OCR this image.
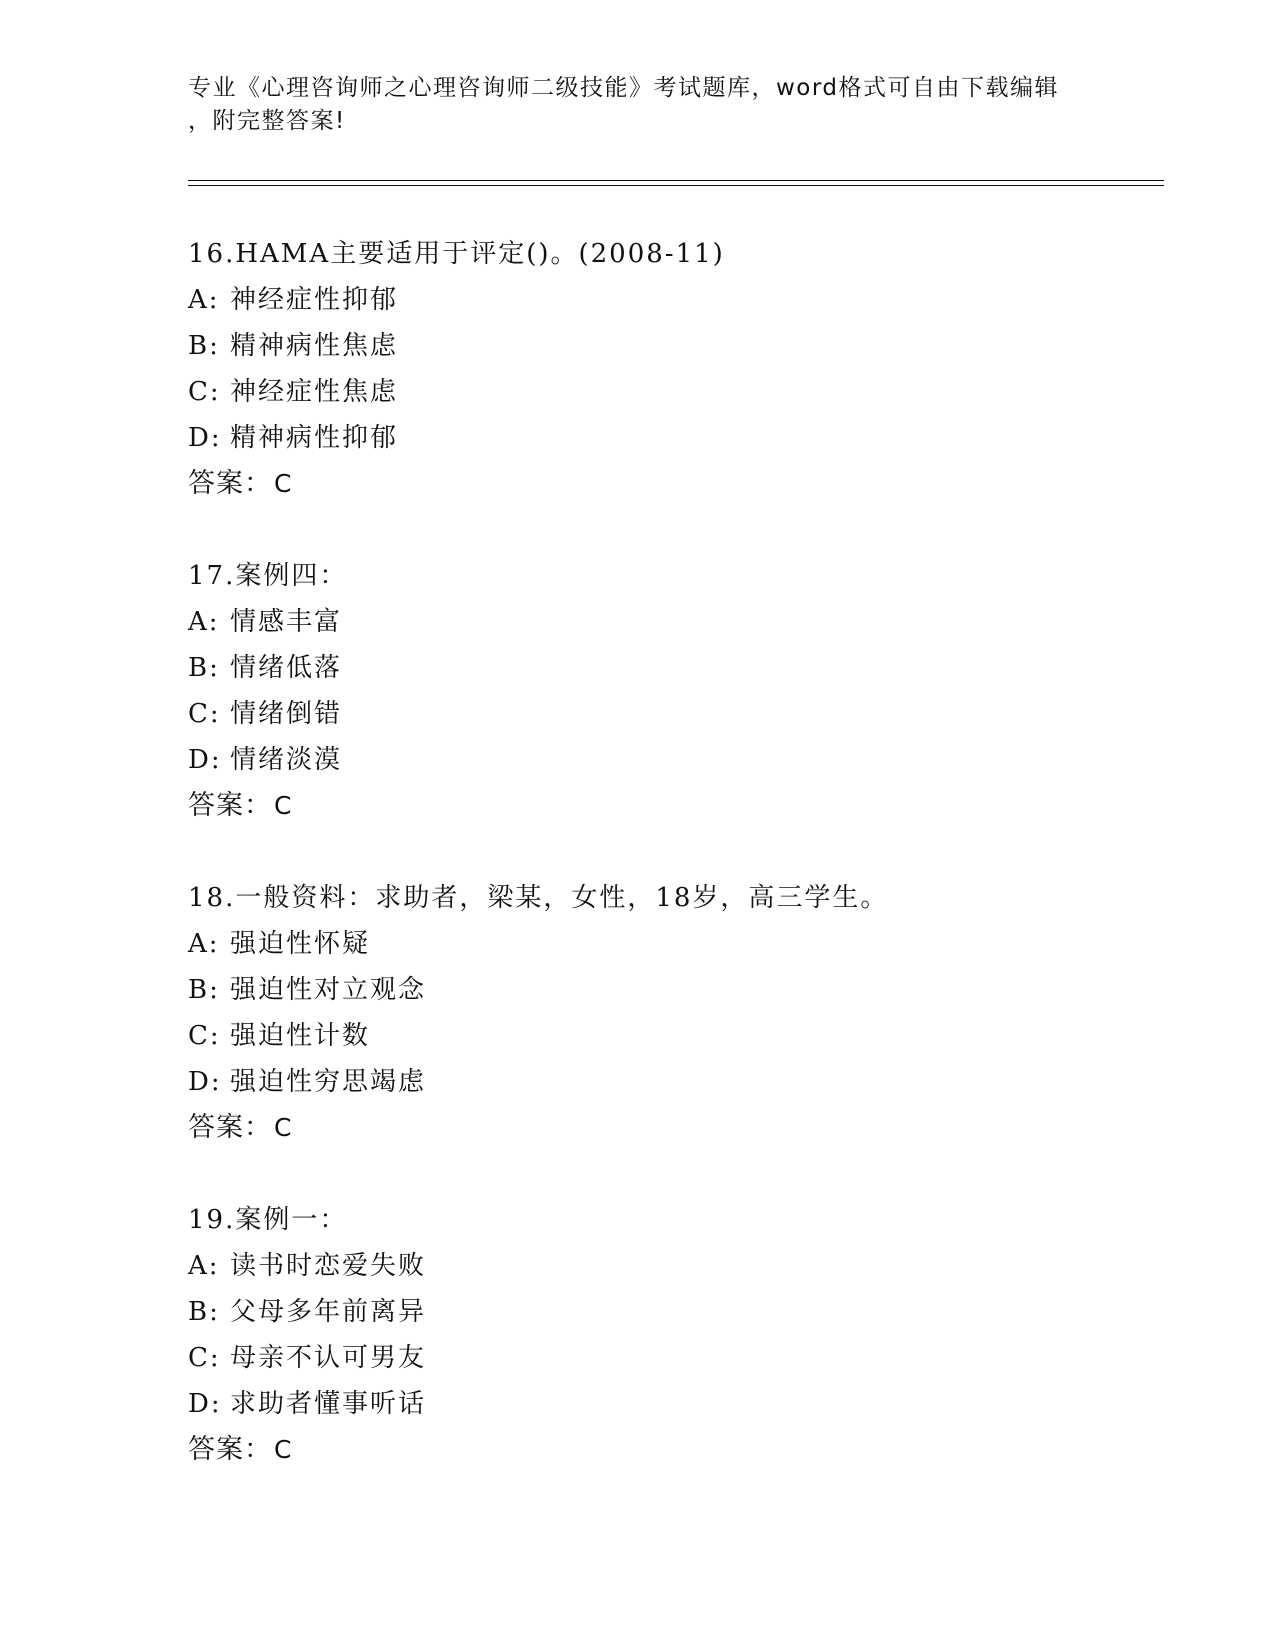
专业《心理咨询师之心理咨询师二级技能》考试题库，word格式可自由下载编辑
，附完整答案!
16.HAMA主要适用于评定()。(2008-11)
A: 神经症性抑郁
B: 精神病性焦虑
C: 神经症性焦虑
D: 精神病性抑郁
答案：C
17.案例四：
A: 情感丰富
B: 情绪低落
C: 情绪倒错
D: 情绪淡漠
答案：C
18.一般资料：求助者，梁某，女性，18岁，高三学生。
A: 强迫性怀疑
B: 强迫性对立观念
C: 强迫性计数
D: 强迫性穷思竭虑
答案：C
19.案例一：
A: 读书时恋爱失败
B: 父母多年前离异
C: 母亲不认可男友
D: 求助者懂事听话
答案：C
